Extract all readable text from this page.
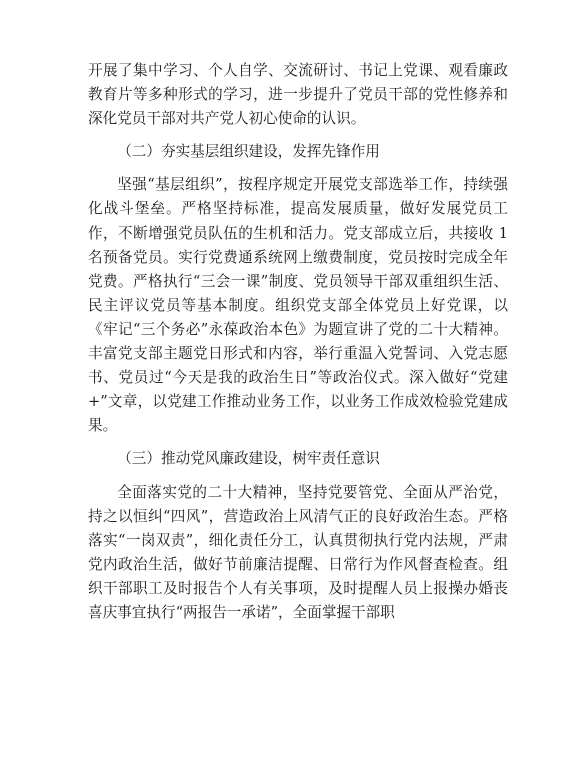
开展了集中学习、个人自学、交流研讨、书记上党课、观看廉政教育片等多种形式的学习，进一步提升了党员干部的党性修养和深化党员干部对共产党人初心使命的认识。

（二）夯实基层组织建设，发挥先锋作用

坚强“基层组织”，按程序规定开展党支部选举工作，持续强化战斗堡垒。严格坚持标准，提高发展质量，做好发展党员工作，不断增强党员队伍的生机和活力。党支部成立后，共接收 1 名预备党员。实行党费通系统网上缴费制度，党员按时完成全年党费。严格执行“三会一课”制度、党员领导干部双重组织生活、民主评议党员等基本制度。组织党支部全体党员上好党课，以《牢记“三个务必”永葆政治本色》为题宣讲了党的二十大精神。丰富党支部主题党日形式和内容，举行重温入党誓词、入党志愿书、党员过“今天是我的政治生日”等政治仪式。深入做好“党建+”文章，以党建工作推动业务工作，以业务工作成效检验党建成果。

（三）推动党风廉政建设，树牢责任意识

全面落实党的二十大精神，坚持党要管党、全面从严治党，持之以恒纠“四风”，营造政治上风清气正的良好政治生态。严格落实“一岗双责”，细化责任分工，认真贯彻执行党内法规，严肃党内政治生活，做好节前廉洁提醒、日常行为作风督查检查。组织干部职工及时报告个人有关事项，及时提醒人员上报操办婚丧喜庆事宜执行“两报告一承诺”，全面掌握干部职
